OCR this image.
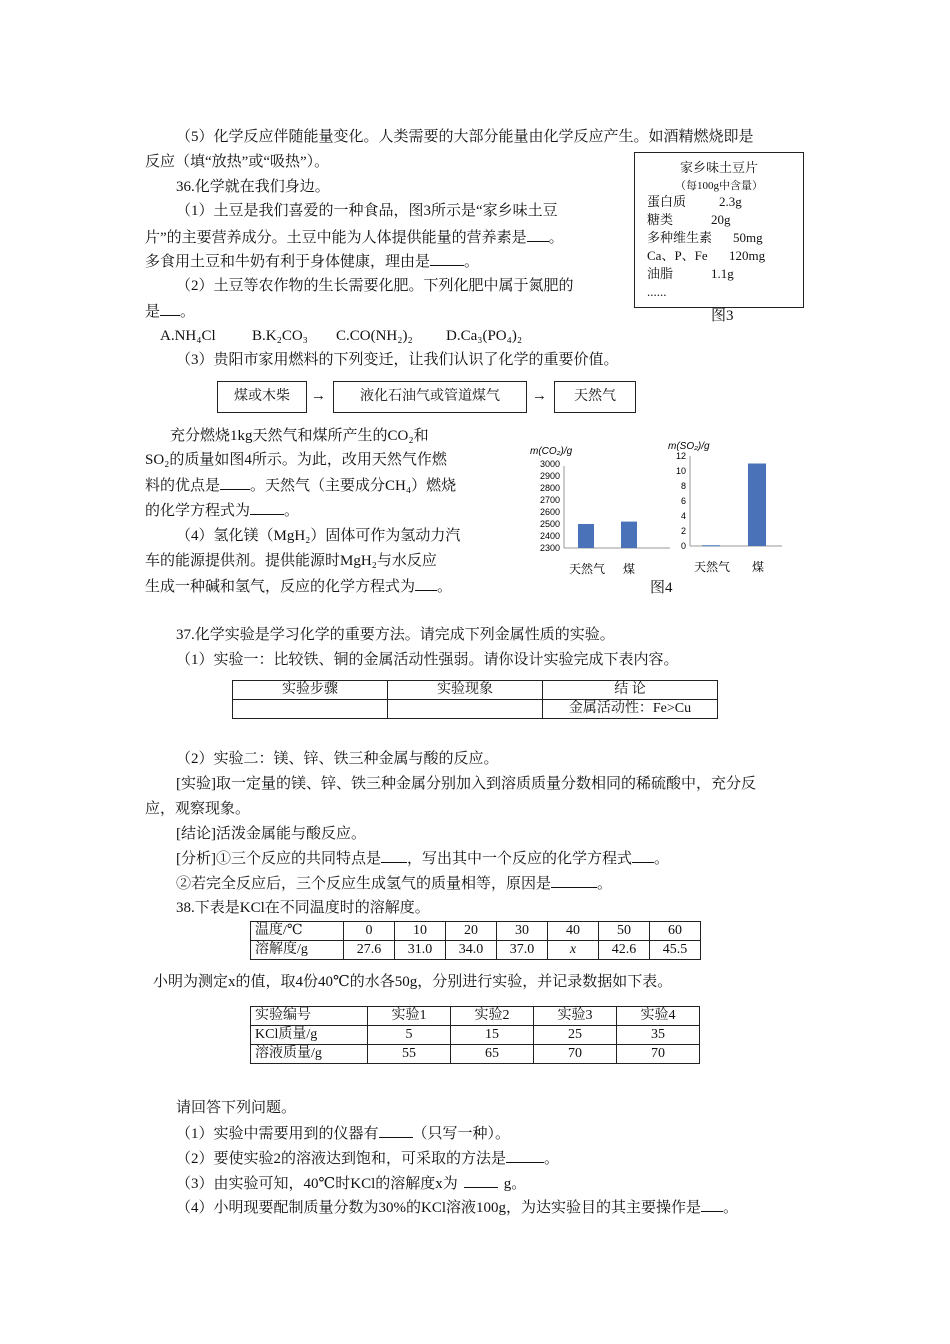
（5）化学反应伴随能量变化。人类需要的大部分能量由化学反应产生。如酒精燃烧即是
反应（填“放热”或“吸热”）。
36.化学就在我们身边。
（1）土豆是我们喜爱的一种食品，图3所示是“家乡味土豆
片”的主要营养成分。土豆中能为人体提供能量的营养素是 。
多食用土豆和牛奶有利于身体健康，理由是 。
（2）土豆等农作物的生长需要化肥。下列化肥中属于氮肥的
是 。
A.NH₄Cl B.K₂CO₃ C.CO(NH₂)₂ D.Ca₃(PO₄)₂
家乡味土豆片
（每100g中含量）
蛋白质	2.3g
糖类	20g
多种维生素 50mg
Ca、P、Fe 120mg
油脂	1.1g
......
图3
（3）贵阳市家用燃料的下列变迁，让我们认识了化学的重要价值。
煤或木柴	→	液化石油气或管道煤气	→	天然气
充分燃烧1kg天然气和煤所产生的CO₂和
SO₂的质量如图4所示。为此，改用天然气作燃
料的优点是 。天然气（主要成分CH₄）燃烧
的化学方程式为 。
（4）氢化镁（MgH₂）固体可作为氢动力汽
车的能源提供剂。提供能源时MgH₂与水反应
生成一种碱和氢气，反应的化学方程式为 。
m(CO₂)/g
3000
2900
2800
2700
2600
2500
2400
2300
天然气 煤
m(SO₂)/g
12
10
8
6
4
2
0
天然气 煤
图4
37.化学实验是学习化学的重要方法。请完成下列金属性质的实验。
（1）实验一：比较铁、铜的金属活动性强弱。请你设计实验完成下表内容。
实验步骤	实验现象	结 论
		金属活动性：Fe>Cu
（2）实验二：镁、锌、铁三种金属与酸的反应。
[实验]取一定量的镁、锌、铁三种金属分别加入到溶质质量分数相同的稀硫酸中，充分反
应，观察现象。
[结论]活泼金属能与酸反应。
[分析]①三个反应的共同特点是 ，写出其中一个反应的化学方程式 。
②若完全反应后，三个反应生成氢气的质量相等，原因是	。
38.下表是KCl在不同温度时的溶解度。
温度/℃	0	10	20	30	40	50	60
溶解度/g	27.6	31.0	34.0	37.0	x	42.6	45.5
小明为测定x的值，取4份40℃的水各50g，分别进行实验，并记录数据如下表。
实验编号	实验1	实验2	实验3	实验4
KCl质量/g	5	15	25	35
溶液质量/g	55	65	70	70
请回答下列问题。
（1）实验中需要用到的仪器有 （只写一种）。
（2）要使实验2的溶液达到饱和，可采取的方法是	。
（3）由实验可知，40℃时KCl的溶解度x为	g。
（4）小明现要配制质量分数为30%的KCl溶液100g，为达实验目的其主要操作是 。
